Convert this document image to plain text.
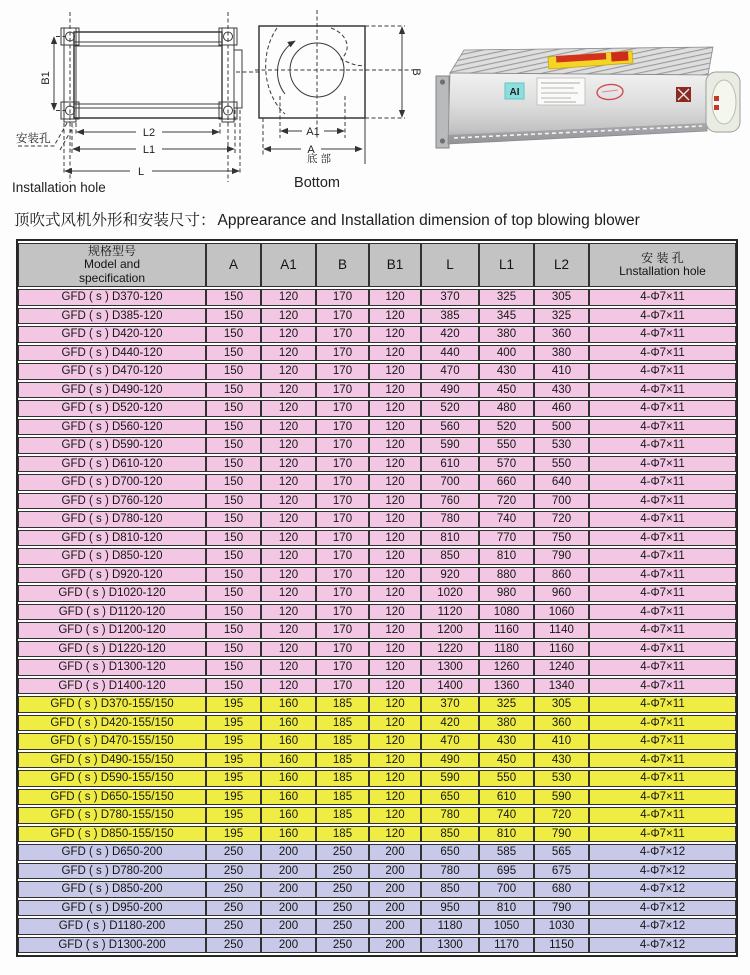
B1
L2
L1
L
安装孔
Installation hole
A1
A
B
底 部
Bottom
AI
顶吹式风机外形和安装尺寸： Apprearance and Installation dimension of top blowing blower
规格型号
Model and
specification
	A	A1	B	B1	L	L1	L2	安 装 孔
Lnstallation hole

GFD ( s ) D370-120	150	120	170	120	370	325	305	4-Φ7×11
GFD ( s ) D385-120	150	120	170	120	385	345	325	4-Φ7×11
GFD ( s ) D420-120	150	120	170	120	420	380	360	4-Φ7×11
GFD ( s ) D440-120	150	120	170	120	440	400	380	4-Φ7×11
GFD ( s ) D470-120	150	120	170	120	470	430	410	4-Φ7×11
GFD ( s ) D490-120	150	120	170	120	490	450	430	4-Φ7×11
GFD ( s ) D520-120	150	120	170	120	520	480	460	4-Φ7×11
GFD ( s ) D560-120	150	120	170	120	560	520	500	4-Φ7×11
GFD ( s ) D590-120	150	120	170	120	590	550	530	4-Φ7×11
GFD ( s ) D610-120	150	120	170	120	610	570	550	4-Φ7×11
GFD ( s ) D700-120	150	120	170	120	700	660	640	4-Φ7×11
GFD ( s ) D760-120	150	120	170	120	760	720	700	4-Φ7×11
GFD ( s ) D780-120	150	120	170	120	780	740	720	4-Φ7×11
GFD ( s ) D810-120	150	120	170	120	810	770	750	4-Φ7×11
GFD ( s ) D850-120	150	120	170	120	850	810	790	4-Φ7×11
GFD ( s ) D920-120	150	120	170	120	920	880	860	4-Φ7×11
GFD ( s ) D1020-120	150	120	170	120	1020	980	960	4-Φ7×11
GFD ( s ) D1120-120	150	120	170	120	1120	1080	1060	4-Φ7×11
GFD ( s ) D1200-120	150	120	170	120	1200	1160	1140	4-Φ7×11
GFD ( s ) D1220-120	150	120	170	120	1220	1180	1160	4-Φ7×11
GFD ( s ) D1300-120	150	120	170	120	1300	1260	1240	4-Φ7×11
GFD ( s ) D1400-120	150	120	170	120	1400	1360	1340	4-Φ7×11
GFD ( s ) D370-155/150	195	160	185	120	370	325	305	4-Φ7×11
GFD ( s ) D420-155/150	195	160	185	120	420	380	360	4-Φ7×11
GFD ( s ) D470-155/150	195	160	185	120	470	430	410	4-Φ7×11
GFD ( s ) D490-155/150	195	160	185	120	490	450	430	4-Φ7×11
GFD ( s ) D590-155/150	195	160	185	120	590	550	530	4-Φ7×11
GFD ( s ) D650-155/150	195	160	185	120	650	610	590	4-Φ7×11
GFD ( s ) D780-155/150	195	160	185	120	780	740	720	4-Φ7×11
GFD ( s ) D850-155/150	195	160	185	120	850	810	790	4-Φ7×11
GFD ( s ) D650-200	250	200	250	200	650	585	565	4-Φ7×12
GFD ( s ) D780-200	250	200	250	200	780	695	675	4-Φ7×12
GFD ( s ) D850-200	250	200	250	200	850	700	680	4-Φ7×12
GFD ( s ) D950-200	250	200	250	200	950	810	790	4-Φ7×12
GFD ( s ) D1180-200	250	200	250	200	1180	1050	1030	4-Φ7×12
GFD ( s ) D1300-200	250	200	250	200	1300	1170	1150	4-Φ7×12
